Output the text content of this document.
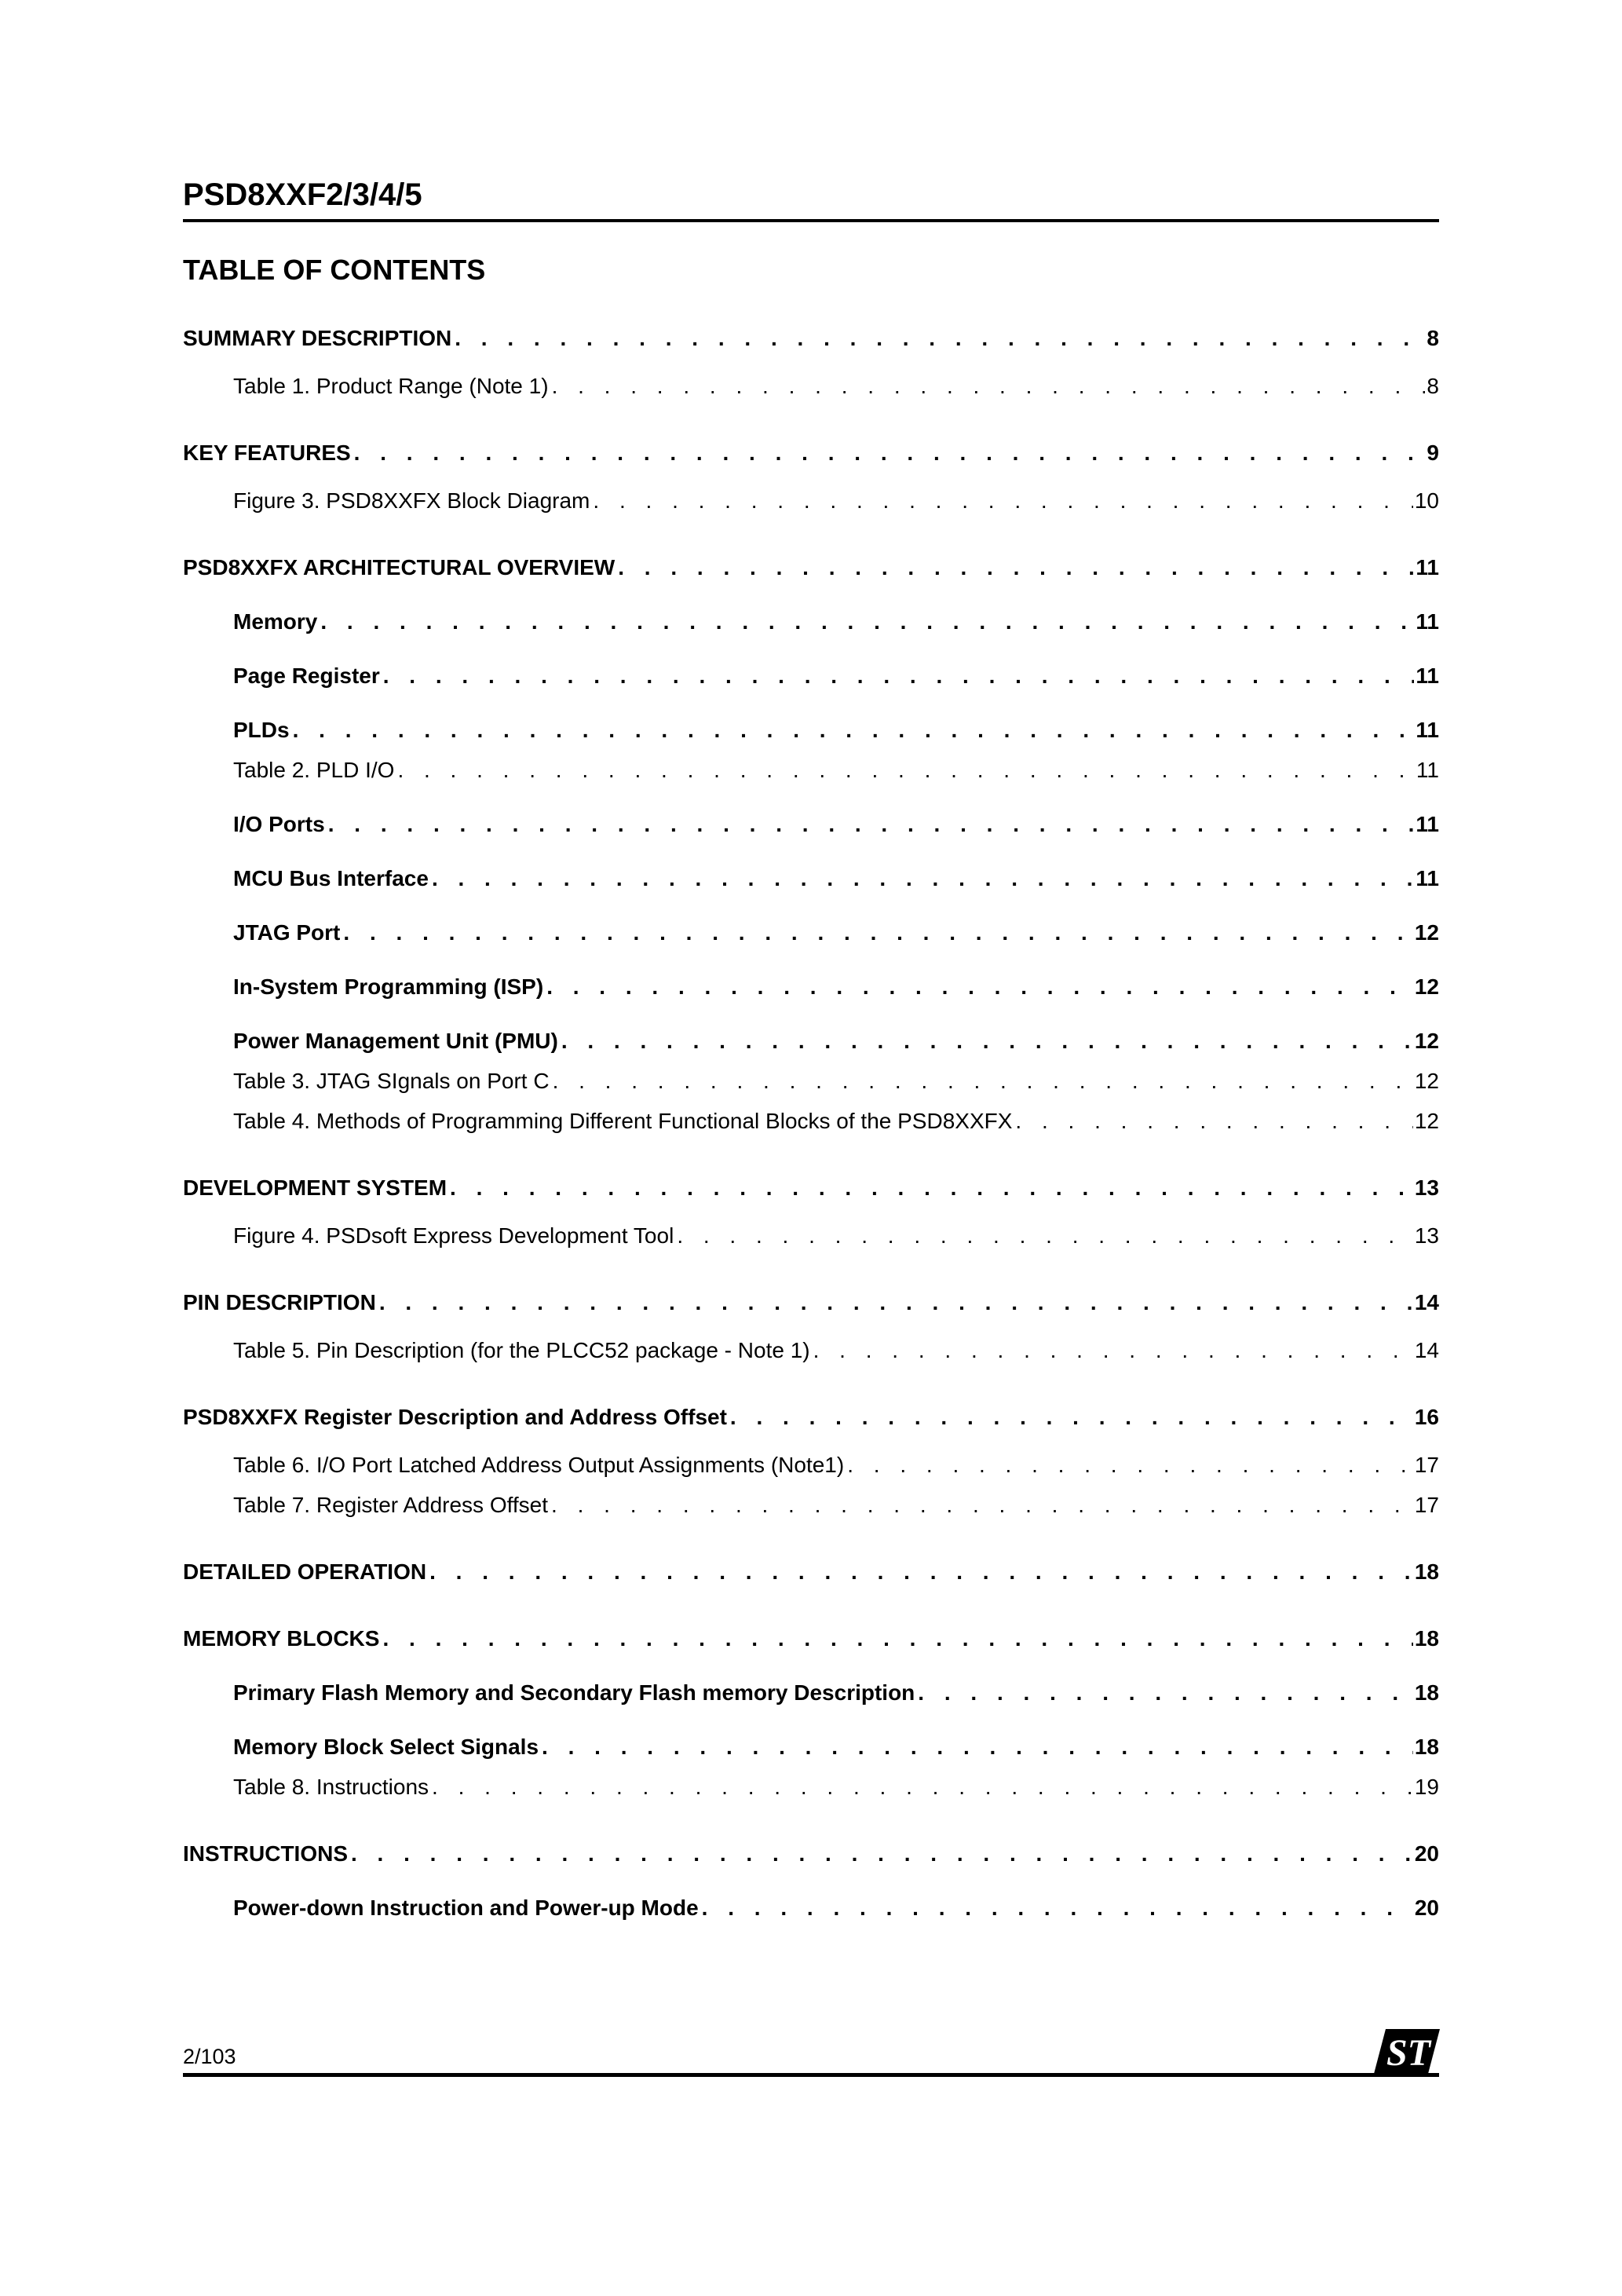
PSD8XXF2/3/4/5
TABLE OF CONTENTS
SUMMARY DESCRIPTION . . .	8
Table 1. Product Range (Note 1) . . .	8
KEY FEATURES . . .	9
Figure 3. PSD8XXFX Block Diagram . . .	10
PSD8XXFX ARCHITECTURAL OVERVIEW . . .	11
Memory . . .	11
Page Register . . .	11
PLDs . . .	11
Table 2. PLD I/O . . .	11
I/O Ports . . .	11
MCU Bus Interface . . .	11
JTAG Port . . .	12
In-System Programming (ISP) . . .	12
Power Management Unit (PMU) . . .	12
Table 3. JTAG SIgnals on Port C . . .	12
Table 4. Methods of Programming Different Functional Blocks of the PSD8XXFX . . .	12
DEVELOPMENT SYSTEM . . .	13
Figure 4. PSDsoft Express Development Tool . . .	13
PIN DESCRIPTION . . .	14
Table 5. Pin Description (for the PLCC52 package - Note 1) . . .	14
PSD8XXFX Register Description and Address Offset . . .	16
Table 6. I/O Port Latched Address Output Assignments (Note1) . . .	17
Table 7. Register Address Offset . . .	17
DETAILED OPERATION . . .	18
MEMORY BLOCKS . . .	18
Primary Flash Memory and Secondary Flash memory Description . . .	18
Memory Block Select Signals . . .	18
Table 8. Instructions . . .	19
INSTRUCTIONS . . .	20
Power-down Instruction and Power-up Mode . . .	20
2/103	ST
